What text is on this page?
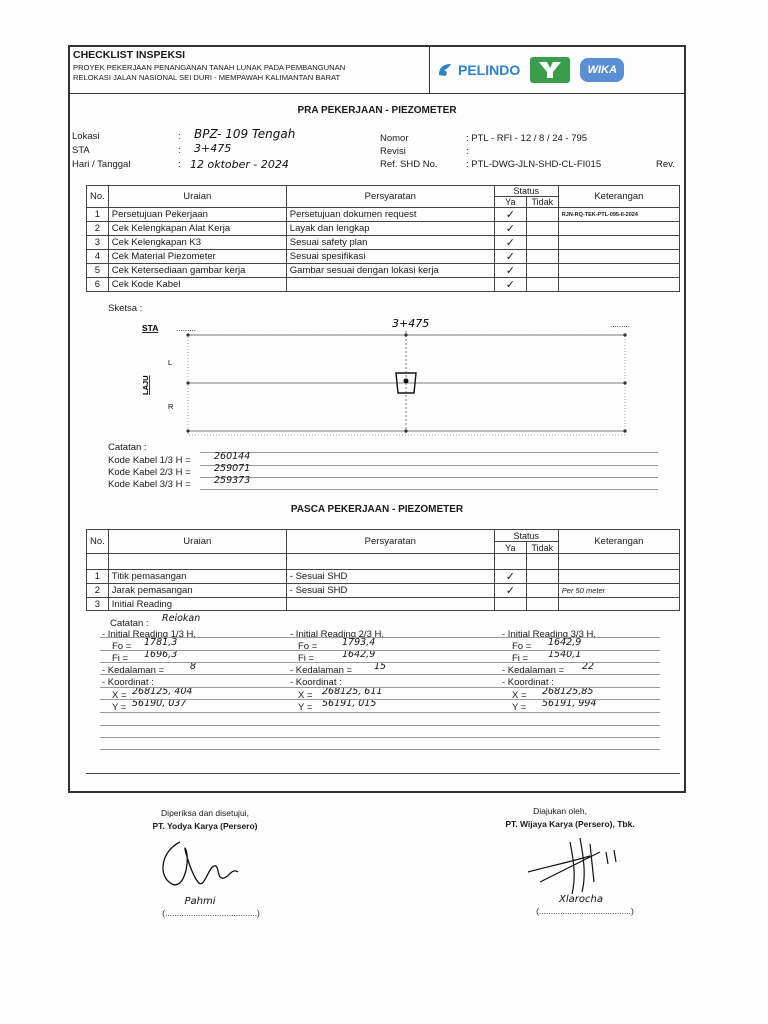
CHECKLIST INSPEKSI
PROYEK PEKERJAAN PENANGANAN TANAH LUNAK PADA PEMBANGUNAN
RELOKASI JALAN NASIONAL SEI DURI - MEMPAWAH KALIMANTAN BARAT	PELINDO	WIKA
PRA PEKERJAAN - PIEZOMETER
Lokasi	: BPZ- 109 Tengah
STA	: 3+475
Hari / Tanggal	: 12 oktober - 2024
Nomor	: PTL - RFI - 12 / 8 / 24 - 795
Revisi	:
Ref. SHD No.	: PTL-DWG-JLN-SHD-CL-FI015	Rev.
No.	Uraian	Persyaratan	Status		Keterangan
			Ya	Tidak	
1	Persetujuan Pekerjaan	Persetujuan dokumen request	✓		RJN-RQ-TEK-PTL-095-II-2024
2	Cek Kelengkapan Alat Kerja	Layak dan lengkap	✓		
3	Cek Kelengkapan K3	Sesuai safety plan	✓		
4	Cek Material Piezometer	Sesuai spesifikasi	✓		
5	Cek Ketersediaan gambar kerja	Gambar sesuai dengan lokasi kerja	✓		
6	Cek Kode Kabel		✓		
Sketsa :
STA .........	.........
3+475
L
R
LAJU
Catatan :
Kode Kabel 1/3 H = 260144
Kode Kabel 2/3 H = 259071
Kode Kabel 3/3 H = 259373
PASCA PEKERJAAN - PIEZOMETER
No.	Uraian	Persyaratan	Status		Keterangan
			Ya	Tidak	

1	Titik pemasangan	- Sesuai SHD	✓		
2	Jarak pemasangan	- Sesuai SHD	✓		Per 50 meter
3	Initial Reading				
Catatan : Reiokan
- Initial Reading 1/3 H,
Fo = 1781,3
Fi = 1696,3
- Kedalaman =	8
- Koordinat :
X = 268125, 404
Y = 56190, 037
- Initial Reading 2/3 H,
Fo =	1793,4
Fi =	1642,9
- Kedalaman = 15
- Koordinat :
X = 268125, 611
Y = 56191, 015
- Initial Reading 3/3 H,
Fo = 1642,9
Fi = 1540,1
- Kedalaman = 22
- Koordinat :
X = 268125,85
Y = 56191, 994
Diperiksa dan disetujui,
PT. Yodya Karya (Persero)
Pahmi
(.......................................)
Diajukan oleh,
PT. Wijaya Karya (Persero), Tbk.
Xlarocha
(.......................................)
